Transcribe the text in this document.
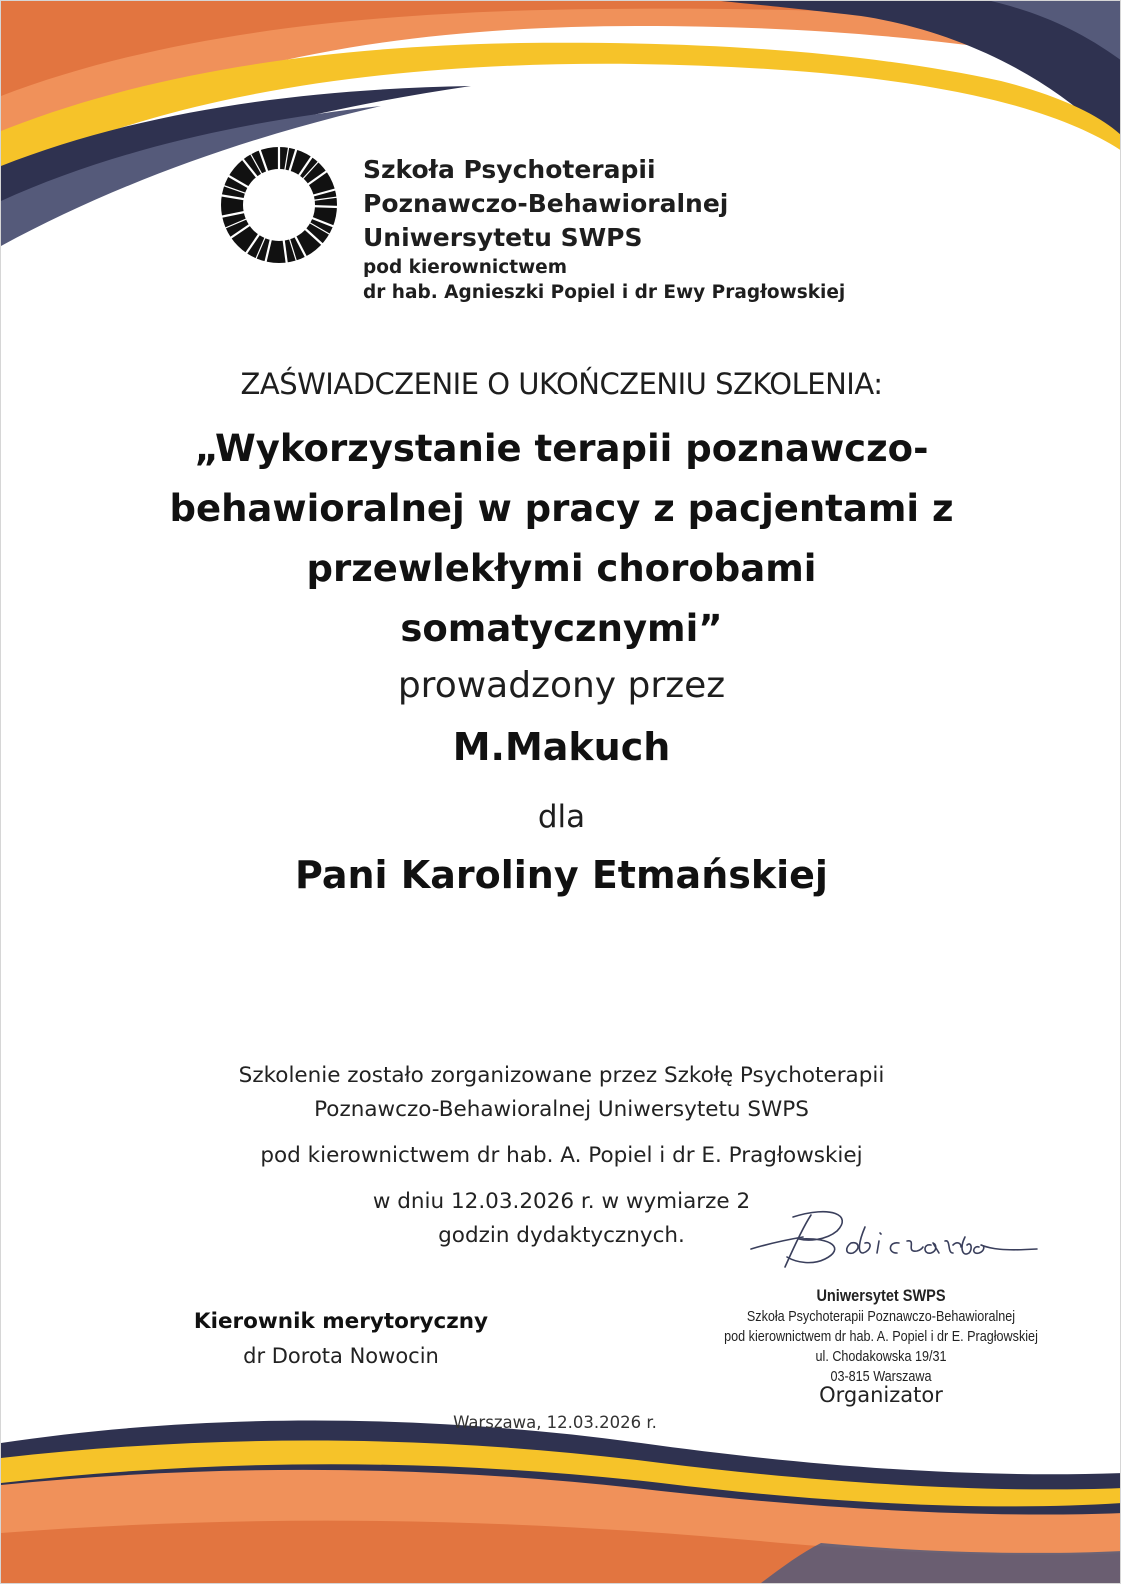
Szkoła Psychoterapii
Poznawczo-Behawioralnej
Uniwersytetu SWPS
pod kierownictwem
dr hab. Agnieszki Popiel i dr Ewy Pragłowskiej
ZAŚWIADCZENIE O UKOŃCZENIU SZKOLENIA:
„Wykorzystanie terapii poznawczo-
behawioralnej w pracy z pacjentami z
przewlekłymi chorobami
somatycznymi”
prowadzony przez
M.Makuch
dla
Pani Karoliny Etmańskiej
Szkolenie zostało zorganizowane przez Szkołę Psychoterapii
Poznawczo-Behawioralnej Uniwersytetu SWPS
pod kierownictwem dr hab. A. Popiel i dr E. Pragłowskiej
w dniu 12.03.2026 r. w wymiarze 2
godzin dydaktycznych.
Uniwersytet SWPS
Szkoła Psychoterapii Poznawczo-Behawioralnej
pod kierownictwem dr hab. A. Popiel i dr E. Pragłowskiej
ul. Chodakowska 19/31
03-815 Warszawa
Organizator
Kierownik merytoryczny
dr Dorota Nowocin
Warszawa, 12.03.2026 r.
